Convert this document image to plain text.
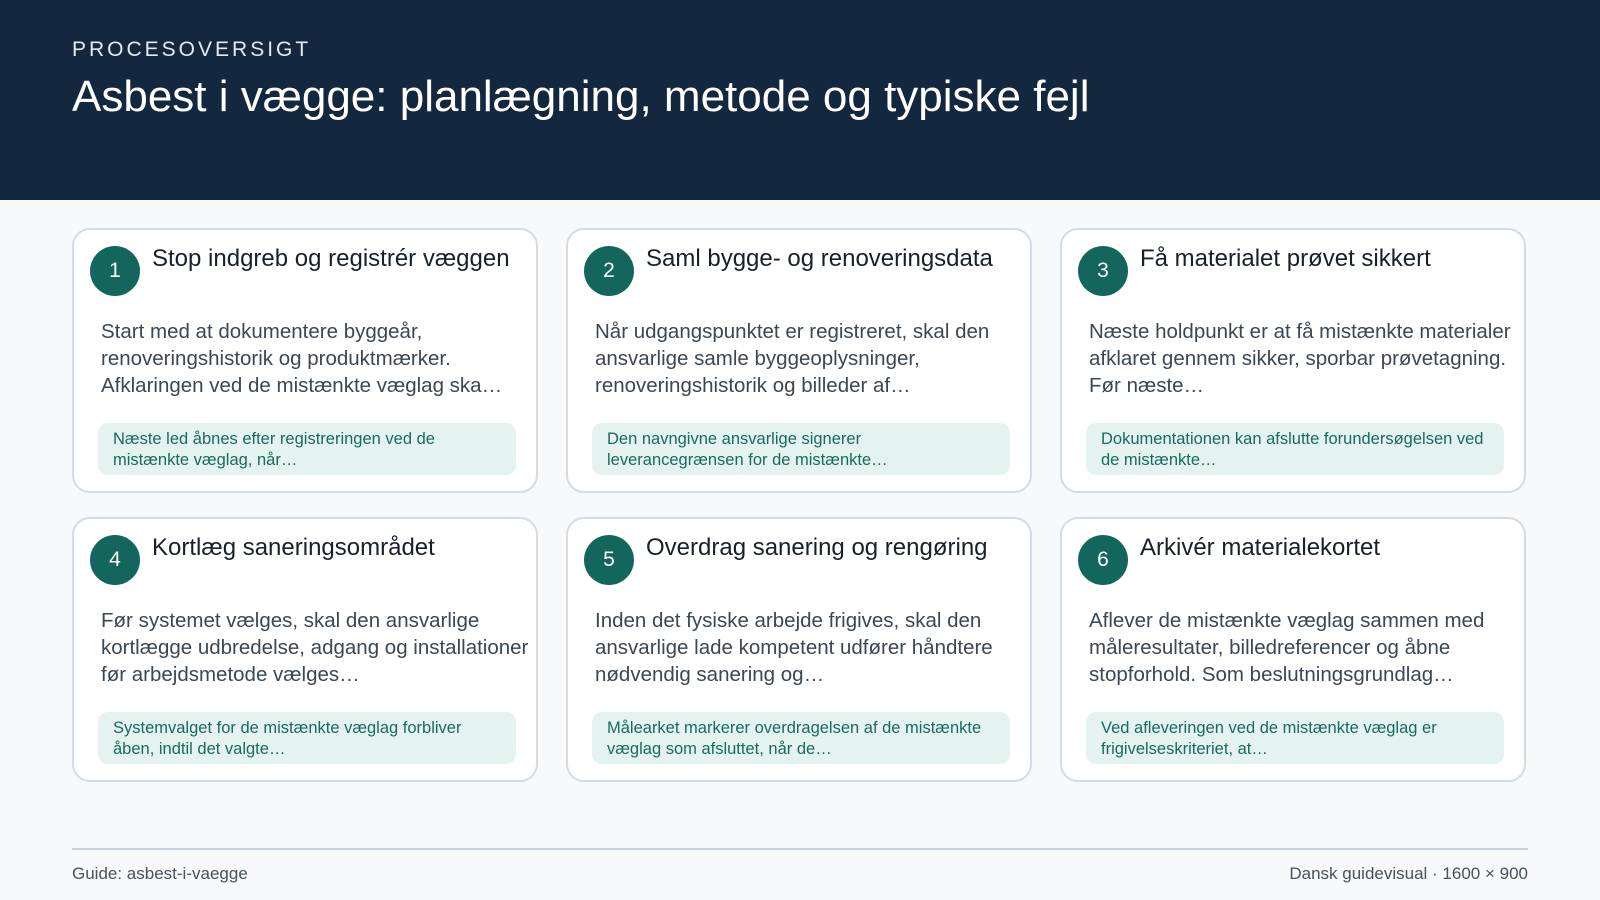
PROCESOVERSIGT
Asbest i vægge: planlægning, metode og typiske fejl
1	Stop indgreb og registrér væggen
Start med at dokumentere byggeår, renoveringshistorik og produktmærker. Afklaringen ved de mistænkte væglag ska…
Næste led åbnes efter registreringen ved de mistænkte væglag, når…
2	Saml bygge- og renoveringsdata
Når udgangspunktet er registreret, skal den ansvarlige samle byggeoplysninger, renoveringshistorik og billeder af…
Den navngivne ansvarlige signerer leverancegrænsen for de mistænkte…
3	Få materialet prøvet sikkert
Næste holdpunkt er at få mistænkte materialer afklaret gennem sikker, sporbar prøvetagning. Før næste…
Dokumentationen kan afslutte forundersøgelsen ved de mistænkte…
4	Kortlæg saneringsområdet
Før systemet vælges, skal den ansvarlige kortlægge udbredelse, adgang og installationer før arbejdsmetode vælges…
Systemvalget for de mistænkte væglag forbliver åben, indtil det valgte…
5	Overdrag sanering og rengøring
Inden det fysiske arbejde frigives, skal den ansvarlige lade kompetent udfører håndtere nødvendig sanering og…
Målearket markerer overdragelsen af de mistænkte væglag som afsluttet, når de…
6	Arkivér materialekortet
Aflever de mistænkte væglag sammen med måleresultater, billedreferencer og åbne stopforhold. Som beslutningsgrundlag…
Ved afleveringen ved de mistænkte væglag er frigivelseskriteriet, at…
Guide: asbest-i-vaegge	Dansk guidevisual · 1600 × 900
